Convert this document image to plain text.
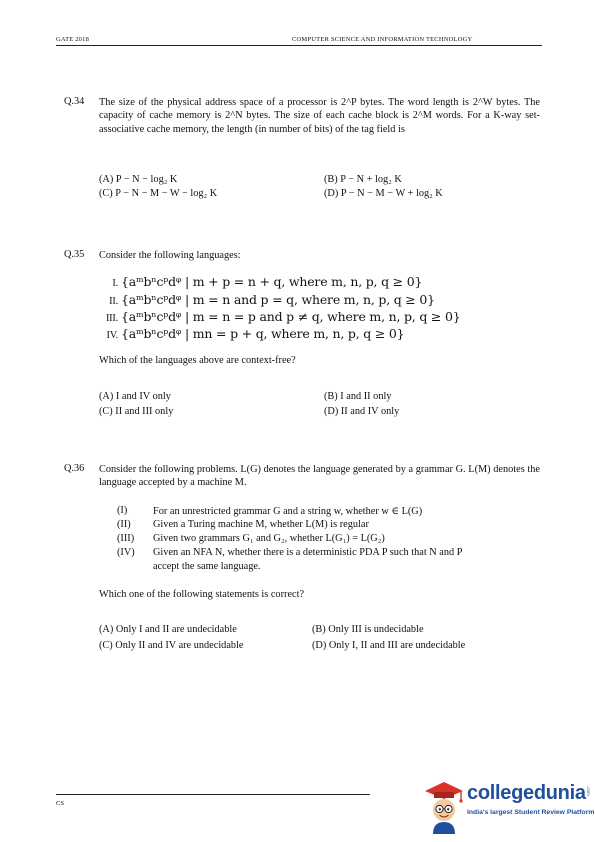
GATE 2018	COMPUTER SCIENCE AND INFORMATION TECHNOLOGY
Q.34 The size of the physical address space of a processor is 2^P bytes. The word length is 2^W bytes. The capacity of cache memory is 2^N bytes. The size of each cache block is 2^M words. For a K-way set-associative cache memory, the length (in number of bits) of the tag field is
(A) P − N − log₂ K	(B) P − N + log₂ K
(C) P − N − M − W − log₂ K	(D) P − N − M − W + log₂ K
Q.35 Consider the following languages:
I. {aᵐbⁿcᵖdᵠ | m + p = n + q, where m, n, p, q ≥ 0}
II. {aᵐbⁿcᵖdᵠ | m = n and p = q, where m, n, p, q ≥ 0}
III. {aᵐbⁿcᵖdᵠ | m = n = p and p ≠ q, where m, n, p, q ≥ 0}
IV. {aᵐbⁿcᵖdᵠ | mn = p + q, where m, n, p, q ≥ 0}
Which of the languages above are context-free?
(A) I and IV only	(B) I and II only
(C) II and III only	(D) II and IV only
Q.36 Consider the following problems. L(G) denotes the language generated by a grammar G. L(M) denotes the language accepted by a machine M.
(I) For an unrestricted grammar G and a string w, whether w ∈ L(G)
(II) Given a Turing machine M, whether L(M) is regular
(III) Given two grammars G₁ and G₂, whether L(G₁) = L(G₂)
(IV) Given an NFA N, whether there is a deterministic PDA P such that N and P
accept the same language.
Which one of the following statements is correct?
(A) Only I and II are undecidable	(B) Only III is undecidable
(C) Only II and IV are undecidable	(D) Only I, II and III are undecidable
CS	collegedunia .com
India's largest Student Review Platform
